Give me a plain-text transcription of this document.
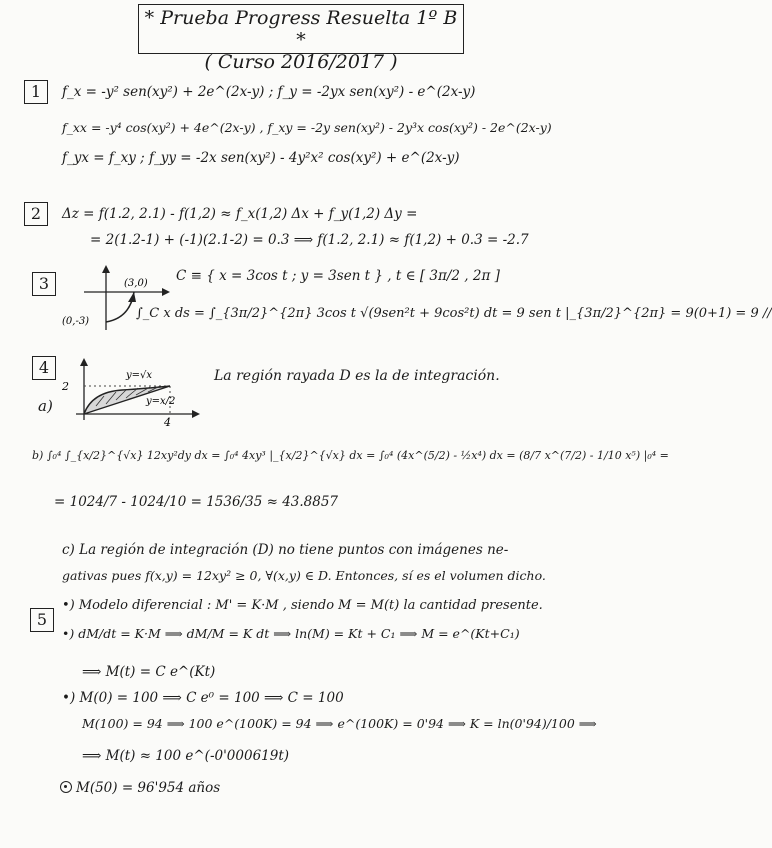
* Prueba Progress Resuelta 1º B *
( Curso 2016/2017 )
1	f_x = -y² sen(xy²) + 2e^(2x-y) ; f_y = -2yx sen(xy²) - e^(2x-y)
f_xx = -y⁴ cos(xy²) + 4e^(2x-y) , f_xy = -2y sen(xy²) - 2y³x cos(xy²) - 2e^(2x-y)
f_yx = f_xy ; f_yy = -2x sen(xy²) - 4y²x² cos(xy²) + e^(2x-y)
2	Δz = f(1.2, 2.1) - f(1,2) ≈ f_x(1,2) Δx + f_y(1,2) Δy =
= 2(1.2-1) + (-1)(2.1-2) = 0.3 ⟹ f(1.2, 2.1) ≈ f(1,2) + 0.3 = -2.7
3	(3,0)
(0,-3)
C ≡ { x = 3cos t ; y = 3sen t } , t ∈ [ 3π/2 , 2π ]
∫_C x ds = ∫_{3π/2}^{2π} 3cos t √(9sen²t + 9cos²t) dt = 9 sen t |_{3π/2}^{2π} = 9(0+1) = 9 //
4
a)
2
4
y=√x
y=x/2
La región rayada D es la de integración.
b) ∫₀⁴ ∫_{x/2}^{√x} 12xy²dy dx = ∫₀⁴ 4xy³ |_{x/2}^{√x} dx = ∫₀⁴ (4x^(5/2) - ½x⁴) dx = (8/7 x^(7/2) - 1/10 x⁵) |₀⁴ =
= 1024/7 - 1024/10 = 1536/35 ≈ 43.8857
c) La región de integración (D) no tiene puntos con imágenes ne-
gativas pues f(x,y) = 12xy² ≥ 0, ∀(x,y) ∈ D. Entonces, sí es el volumen dicho.
5
•) Modelo diferencial : M' = K·M , siendo M = M(t) la cantidad presente.
•) dM/dt = K·M ⟹ dM/M = K dt ⟹ ln(M) = Kt + C₁ ⟹ M = e^(Kt+C₁)
⟹ M(t) = C e^(Kt)
•) M(0) = 100 ⟹ C e⁰ = 100 ⟹ C = 100
M(100) = 94 ⟹ 100 e^(100K) = 94 ⟹ e^(100K) = 0'94 ⟹ K = ln(0'94)/100 ⟹
⟹ M(t) ≈ 100 e^(-0'000619t)
M(50) = 96'954 años
